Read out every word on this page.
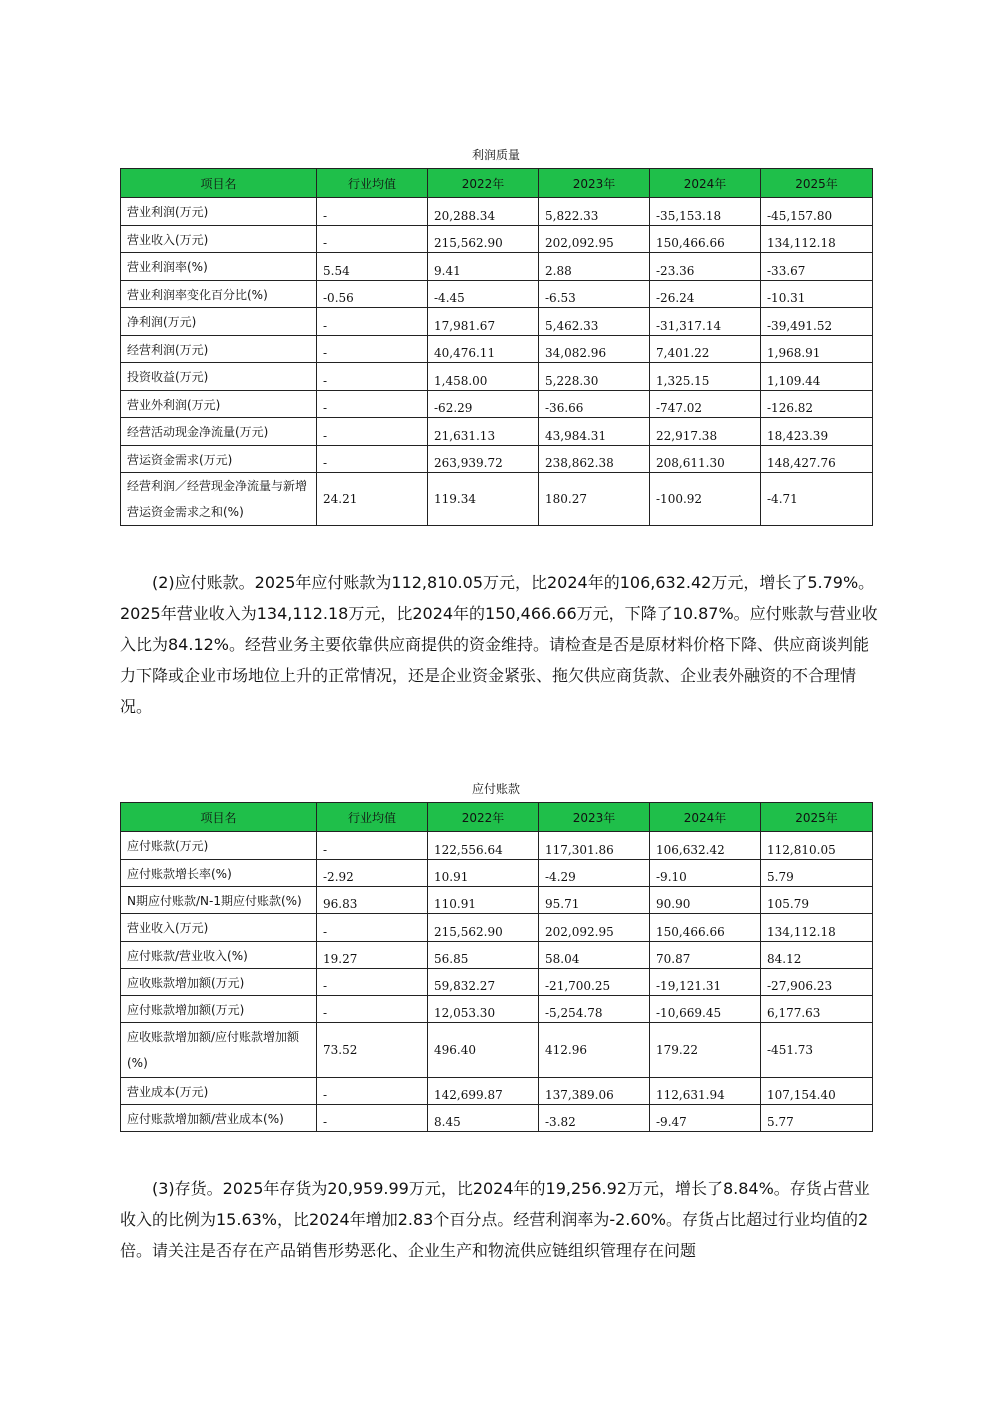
利润质量
项目名	行业均值	2022年	2023年	2024年	2025年
营业利润(万元)	-	20,288.34	5,822.33	-35,153.18	-45,157.80
营业收入(万元)	-	215,562.90	202,092.95	150,466.66	134,112.18
营业利润率(%)	5.54	9.41	2.88	-23.36	-33.67
营业利润率变化百分比(%)	-0.56	-4.45	-6.53	-26.24	-10.31
净利润(万元)	-	17,981.67	5,462.33	-31,317.14	-39,491.52
经营利润(万元)	-	40,476.11	34,082.96	7,401.22	1,968.91
投资收益(万元)	-	1,458.00	5,228.30	1,325.15	1,109.44
营业外利润(万元)	-	-62.29	-36.66	-747.02	-126.82
经营活动现金净流量(万元)	-	21,631.13	43,984.31	22,917.38	18,423.39
营运资金需求(万元)	-	263,939.72	238,862.38	208,611.30	148,427.76
经营利润／经营现金净流量与新增营运资金需求之和(%)	24.21	119.34	180.27	-100.92	-4.71

(2)应付账款。2025年应付账款为112,810.05万元，比2024年的106,632.42万元，增长了5.79%。2025年营业收入为134,112.18万元，比2024年的150,466.66万元，下降了10.87%。应付账款与营业收入比为84.12%。经营业务主要依靠供应商提供的资金维持。请检查是否是原材料价格下降、供应商谈判能力下降或企业市场地位上升的正常情况，还是企业资金紧张、拖欠供应商货款、企业表外融资的不合理情况。

应付账款
项目名	行业均值	2022年	2023年	2024年	2025年
应付账款(万元)	-	122,556.64	117,301.86	106,632.42	112,810.05
应付账款增长率(%)	-2.92	10.91	-4.29	-9.10	5.79
N期应付账款/N-1期应付账款(%)	96.83	110.91	95.71	90.90	105.79
营业收入(万元)	-	215,562.90	202,092.95	150,466.66	134,112.18
应付账款/营业收入(%)	19.27	56.85	58.04	70.87	84.12
应收账款增加额(万元)	-	59,832.27	-21,700.25	-19,121.31	-27,906.23
应付账款增加额(万元)	-	12,053.30	-5,254.78	-10,669.45	6,177.63
应收账款增加额/应付账款增加额(%)	73.52	496.40	412.96	179.22	-451.73
营业成本(万元)	-	142,699.87	137,389.06	112,631.94	107,154.40
应付账款增加额/营业成本(%)	-	8.45	-3.82	-9.47	5.77

(3)存货。2025年存货为20,959.99万元，比2024年的19,256.92万元，增长了8.84%。存货占营业收入的比例为15.63%，比2024年增加2.83个百分点。经营利润率为-2.60%。存货占比超过行业均值的2倍。请关注是否存在产品销售形势恶化、企业生产和物流供应链组织管理存在问题
